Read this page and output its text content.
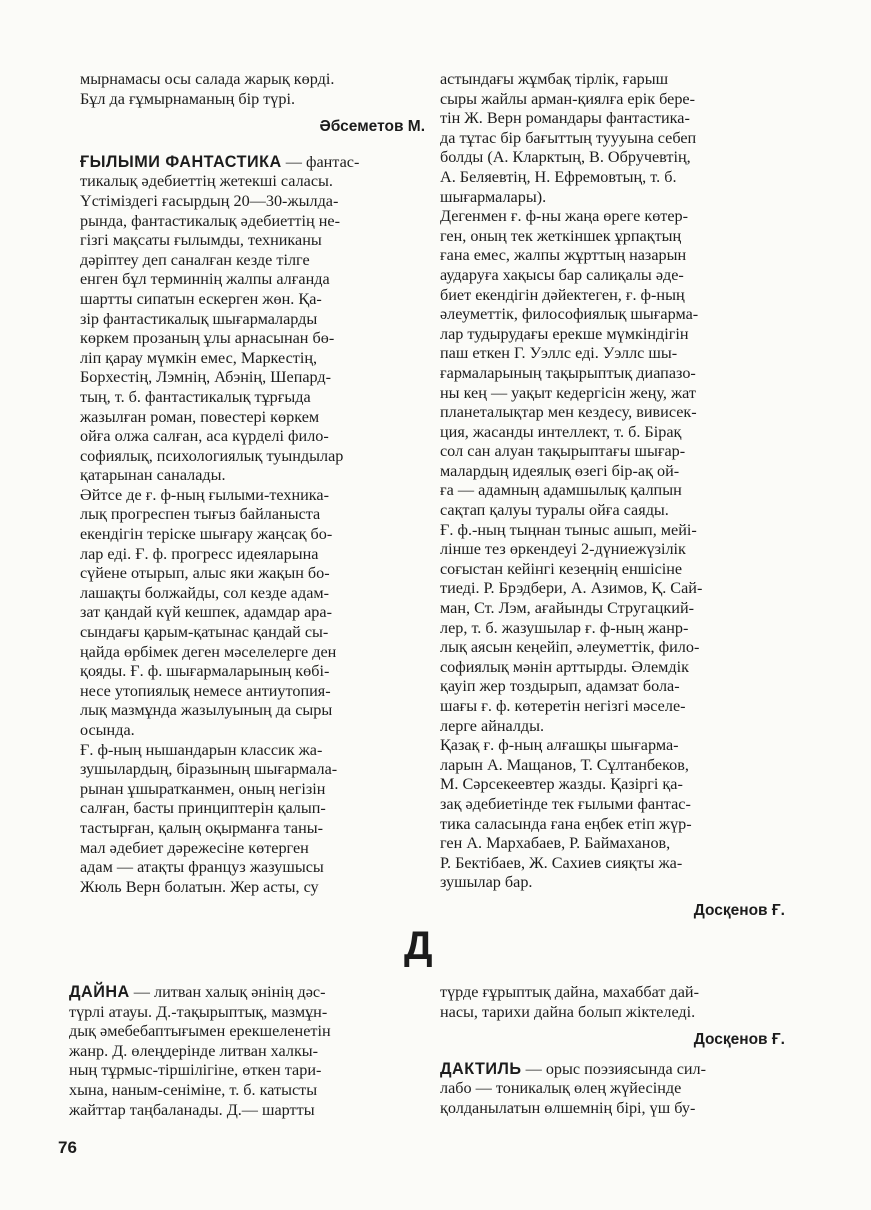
мырнамасы осы салада жарық көрді.
Бұл да ғұмырнаманың бір түрі.

Әбсеметов М.

ҒЫЛЫМИ ФАНТАСТИКА — фантас-
тикалық әдебиеттің жетекші саласы.
Үстіміздегі ғасырдың 20—30-жылда-
рында, фантастикалық әдебиеттің не-
гізгі мақсаты ғылымды, техниканы
дәріптеу деп саналған кезде тілге
енген бұл терминнің жалпы алғанда
шартты сипатын ескерген жөн. Қа-
зір фантастикалық шығармаларды
көркем прозаның ұлы арнасынан бө-
ліп қарау мүмкін емес, Маркестің,
Борхестің, Лэмнің, Абэнің, Шепард-
тың, т. б. фантастикалық тұрғыда
жазылған роман, повестері көркем
ойға олжа салған, аса күрделі фило-
софиялық, психологиялық туындылар
қатарынан саналады.

Әйтсе де ғ. ф-ның ғылыми-техника-
лық прогреспен тығыз байланыста
екендігін теріске шығару жаңсақ бо-
лар еді. Ғ. ф. прогресс идеяларына
сүйене отырып, алыс яки жақын бо-
лашақты болжайды, сол кезде адам-
зат қандай күй кешпек, адамдар ара-
сындағы қарым-қатынас қандай сы-
ңайда өрбімек деген мәселелерге ден
қояды. Ғ. ф. шығармаларының көбі-
несе утопиялық немесе антиутопия-
лық мазмұнда жазылуының да сыры
осында.

Ғ. ф-ның нышандарын классик жа-
зушылардың, біразының шығармала-
рынан ұшыратканмен, оның негізін
салған, басты принциптерін қалып-
тастырған, қалың оқырманға таны-
мал әдебиет дәрежесіне көтерген
адам — атақты француз жазушысы
Жюль Верн болатын. Жер асты, су

астындағы жұмбақ тірлік, ғарыш
сыры жайлы арман-қиялға ерік бере-
тін Ж. Верн романдары фантастика-
да тұтас бір бағыттың туууына себеп
болды (А. Кларктың, В. Обручевтің,
А. Беляевтің, Н. Ефремовтың, т. б.
шығармалары).

Дегенмен ғ. ф-ны жаңа өреге көтер-
ген, оның тек жеткіншек ұрпақтың
ғана емес, жалпы жұрттың назарын
аударуға хақысы бар салиқалы әде-
биет екендігін дәйектеген, ғ. ф-ның
әлеуметтік, философиялық шығарма-
лар тудырудағы ерекше мүмкіндігін
паш еткен Г. Уэллс еді. Уэллс шы-
ғармаларының тақырыптық диапазо-
ны кең — уақыт кедергісін жеңу, жат
планеталықтар мен кездесу, вивисек-
ция, жасанды интеллект, т. б. Бірақ
сол сан алуан тақырыптағы шығар-
малардың идеялық өзегі бір-ақ ой-
ға — адамның адамшылық қалпын
сақтап қалуы туралы ойға саяды.

Ғ. ф.-ның тыңнан тыныс ашып, мейі-
лінше тез өркендеуі 2-дүниежүзілік
соғыстан кейінгі кезеңнің еншісіне
тиеді. Р. Брэдбери, А. Азимов, Қ. Сай-
ман, Ст. Лэм, ағайынды Стругацкий-
лер, т. б. жазушылар ғ. ф-ның жанр-
лық аясын кеңейіп, әлеуметтік, фило-
софиялық мәнін арттырды. Әлемдік
қауіп жер тоздырып, адамзат бола-
шағы ғ. ф. көтеретін негізгі мәселе-
лерге айналды.

Қазақ ғ. ф-ның алғашқы шығарма-
ларын А. Мащанов, Т. Сұлтанбеков,
М. Сәрсекеевтер жазды. Қазіргі қа-
зақ әдебиетінде тек ғылыми фантас-
тика саласында ғана еңбек етіп жүр-
ген А. Мархабаев, Р. Баймаханов,
Р. Бектібаев, Ж. Сахиев сияқты жа-
зушылар бар.

Досқенов Ғ.
Д

ДАЙНА — литван халық әнінің дәс-
түрлі атауы. Д.-тақырыптық, мазмұн-
дық әмебебаптығымен ерекшеленетін
жанр. Д. өлеңдерінде литван халкы-
ның тұрмыс-тіршілігіне, өткен тари-
хына, наным-сеніміне, т. б. катысты
жайттар таңбаланады. Д.— шартты

түрде ғұрыптық дайна, махаббат дай-
насы, тарихи дайна болып жіктеледі.

Досқенов Ғ.

ДАКТИЛЬ — орыс поэзиясында сил-
лабо — тоникалық өлең жүйесінде
қолданылатын өлшемнің бірі, үш бу-

76
